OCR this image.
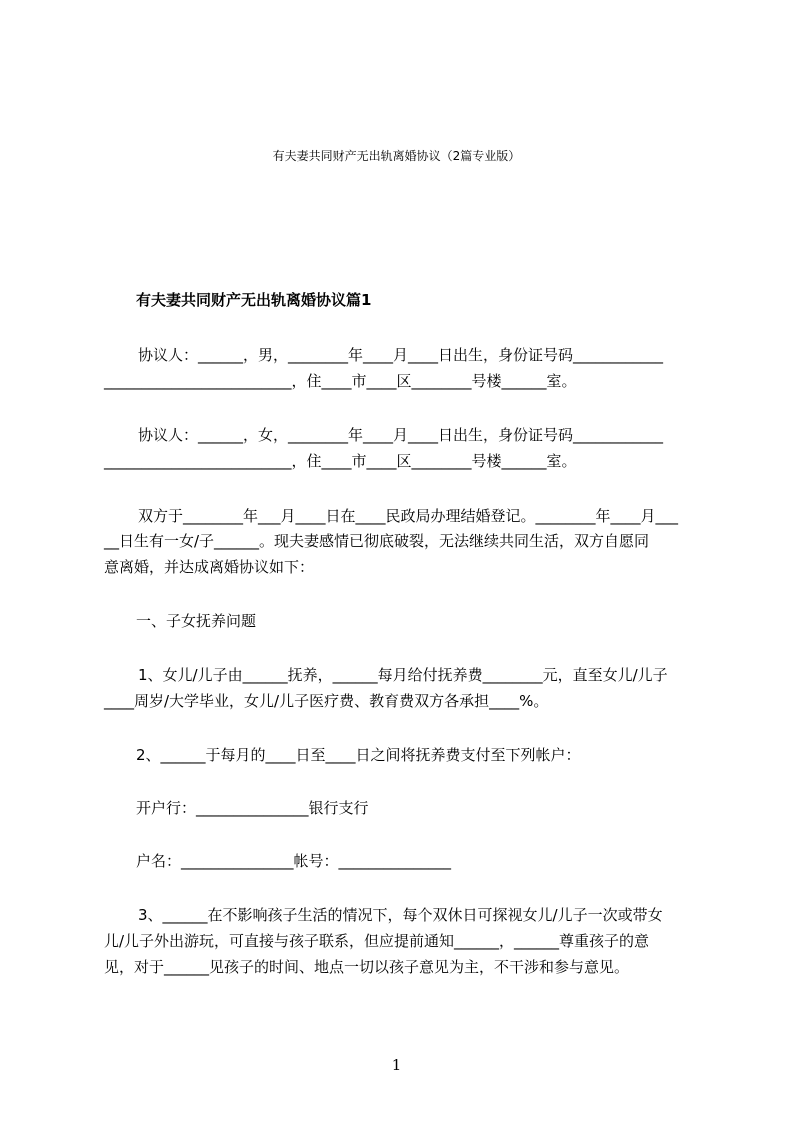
有夫妻共同财产无出轨离婚协议（2篇专业版）
有夫妻共同财产无出轨离婚协议篇1
协议人：______，男，________年____月____日出生，身份证号码____________
_________________________，住____市____区________号楼______室。
协议人：______，女，________年____月____日出生，身份证号码____________
_________________________，住____市____区________号楼______室。
双方于________年___月____日在____民政局办理结婚登记。________年____月___
__日生有一女/子______。现夫妻感情已彻底破裂，无法继续共同生活，双方自愿同
意离婚，并达成离婚协议如下：
一、子女抚养问题
1、女儿/儿子由______抚养，______每月给付抚养费________元，直至女儿/儿子
____周岁/大学毕业，女儿/儿子医疗费、教育费双方各承担____%。
2、______于每月的____日至____日之间将抚养费支付至下列帐户：
开户行：_______________银行支行
户名：_______________帐号：_______________
3、______在不影响孩子生活的情况下，每个双休日可探视女儿/儿子一次或带女
儿/儿子外出游玩，可直接与孩子联系，但应提前通知______，______尊重孩子的意
见，对于______见孩子的时间、地点一切以孩子意见为主，不干涉和参与意见。
1
